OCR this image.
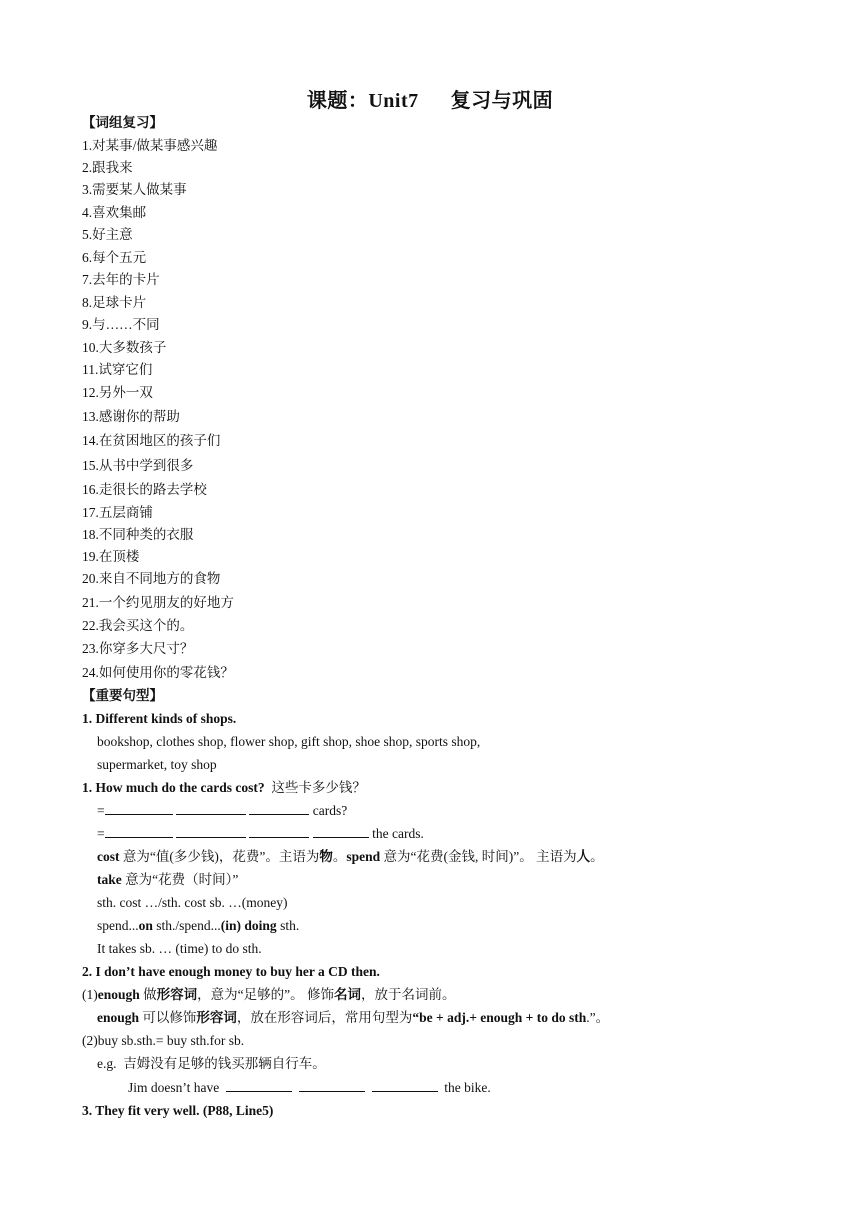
课题：Unit7 复习与巩固
【词组复习】
1.对某事/做某事感兴趣
2.跟我来
3.需要某人做某事
4.喜欢集邮
5.好主意
6.每个五元
7.去年的卡片
8.足球卡片
9.与……不同
10.大多数孩子
11.试穿它们
12.另外一双
13.感谢你的帮助
14.在贫困地区的孩子们
15.从书中学到很多
16.走很长的路去学校
17.五层商铺
18.不同种类的衣服
19.在顶楼
20.来自不同地方的食物
21.一个约见朋友的好地方
22.我会买这个的。
23.你穿多大尺寸？
24.如何使用你的零花钱？
【重要句型】
1. Different kinds of shops.
bookshop, clothes shop, flower shop, gift shop, shoe shop, sports shop,
supermarket, toy shop
1. How much do the cards cost? 这些卡多少钱？
=	cards?
=	the cards.
cost 意为“值(多少钱)，花费”。主语为物。spend 意为“花费(金钱, 时间)”。 主语为人。
take 意为“花费（时间）”
sth. cost …/sth. cost sb. …(money)
spend...on sth./spend...(in) doing sth.
It takes sb. … (time) to do sth.
2. I don’t have enough money to buy her a CD then.
(1)enough 做形容词，意为“足够的”。 修饰名词，放于名词前。
enough 可以修饰形容词，放在形容词后，常用句型为“be + adj.+ enough + to do sth.”。
(2)buy sb.sth.= buy sth.for sb.
e.g. 吉姆没有足够的钱买那辆自行车。
Jim doesn’t have	the bike.
3. They fit very well. (P88, Line5)
